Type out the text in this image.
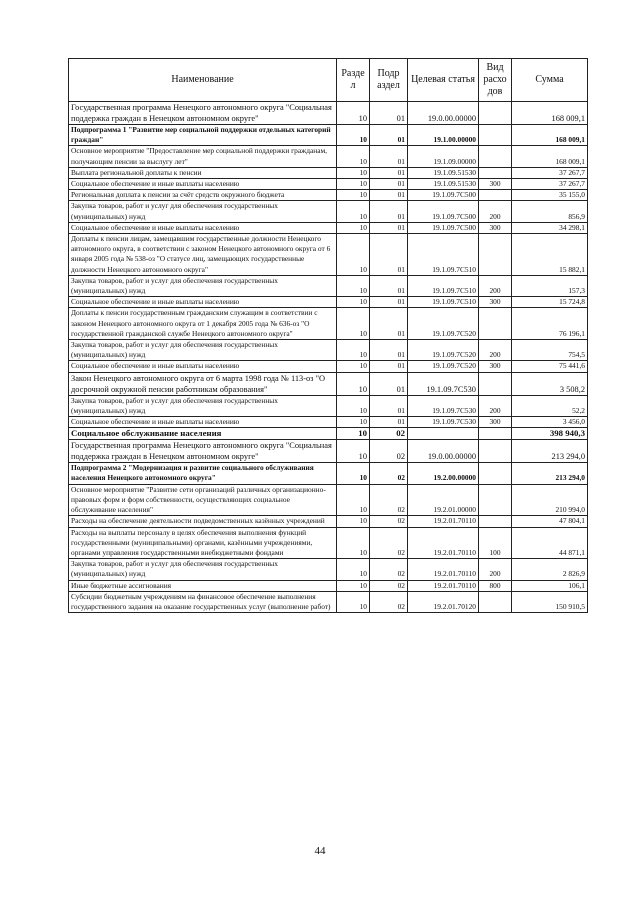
Наименование	Разде л	Подр аздел	Целевая статья	Вид расхо дов	Сумма
Государственная программа Ненецкого автономного округа "Социальная поддержка граждан в Ненецком автономном округе"	10	01	19.0.00.00000		168 009,1
Подпрограмма 1 "Развитие мер социальной поддержки отдельных категорий граждан"	10	01	19.1.00.00000		168 009,1
Основное мероприятие "Предоставление мер социальной поддержки гражданам, получающим пенсии за выслугу лет"	10	01	19.1.09.00000		168 009,1
Выплата региональной доплаты к пенсии	10	01	19.1.09.51530		37 267,7
Социальное обеспечение и иные выплаты населению	10	01	19.1.09.51530	300	37 267,7
Региональная доплата к пенсии за счёт средств окружного бюджета	10	01	19.1.09.7С500		35 155,0
Закупка товаров, работ и услуг для обеспечения государственных (муниципальных) нужд	10	01	19.1.09.7С500	200	856,9
Социальное обеспечение и иные выплаты населению	10	01	19.1.09.7С500	300	34 298,1
Доплаты к пенсии лицам, замещавшим государственные должности Ненецкого автономного округа, в соответствии с законом Ненецкого автономного округа от 6 января 2005 года № 538-оз "О статусе лиц, замещающих государственные должности Ненецкого автономного округа"	10	01	19.1.09.7С510		15 882,1
Закупка товаров, работ и услуг для обеспечения государственных (муниципальных) нужд	10	01	19.1.09.7С510	200	157,3
Социальное обеспечение и иные выплаты населению	10	01	19.1.09.7С510	300	15 724,8
Доплаты к пенсии государственным гражданским служащим в соответствии с законом Ненецкого автономного округа от 1 декабря 2005 года № 636-оз "О государственной гражданской службе Ненецкого автономного округа"	10	01	19.1.09.7С520		76 196,1
Закупка товаров, работ и услуг для обеспечения государственных (муниципальных) нужд	10	01	19.1.09.7С520	200	754,5
Социальное обеспечение и иные выплаты населению	10	01	19.1.09.7С520	300	75 441,6
Закон Ненецкого автономного округа от 6 марта 1998 года № 113-оз "О досрочной окружной пенсии работникам образования"	10	01	19.1.09.7С530		3 508,2
Закупка товаров, работ и услуг для обеспечения государственных (муниципальных) нужд	10	01	19.1.09.7С530	200	52,2
Социальное обеспечение и иные выплаты населению	10	01	19.1.09.7С530	300	3 456,0
Социальное обслуживание населения	10	02			398 940,3
Государственная программа Ненецкого автономного округа "Социальная поддержка граждан в Ненецком автономном округе"	10	02	19.0.00.00000		213 294,0
Подпрограмма 2 "Модернизация и развитие социального обслуживания населения Ненецкого автономного округа"	10	02	19.2.00.00000		213 294,0
Основное мероприятие "Развитие сети организаций различных организационно-правовых форм и форм собственности, осуществляющих социальное обслуживание населения"	10	02	19.2.01.00000		210 994,0
Расходы на обеспечение деятельности подведомственных казённых учреждений	10	02	19.2.01.70110		47 804,1
Расходы на выплаты персоналу в целях обеспечения выполнения функций государственными (муниципальными) органами, казёнными учреждениями, органами управления государственными внебюджетными фондами	10	02	19.2.01.70110	100	44 871,1
Закупка товаров, работ и услуг для обеспечения государственных (муниципальных) нужд	10	02	19.2.01.70110	200	2 826,9
Иные бюджетные ассигнования	10	02	19.2.01.70110	800	106,1
Субсидии бюджетным учреждениям на финансовое обеспечение выполнения государственного задания на оказание государственных услуг (выполнение работ)	10	02	19.2.01.70120		150 910,5
44
